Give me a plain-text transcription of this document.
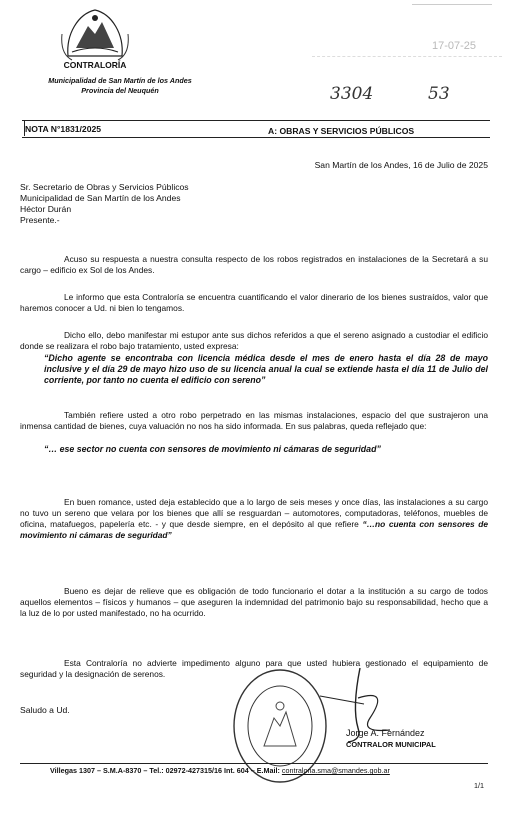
CONTRALORÍA
Municipalidad de San Martín de los Andes
Provincia del Neuquén
17-07-25
3304	53
NOTA N°1831/2025	A: OBRAS Y SERVICIOS PÚBLICOS
San Martín de los Andes, 16 de Julio de 2025
Sr. Secretario de Obras y Servicios Públicos
Municipalidad de San Martín de los Andes
Héctor Durán
Presente.-
Acuso su respuesta a nuestra consulta respecto de los robos registrados en instalaciones de la Secretará a su cargo – edificio ex Sol de los Andes.
Le informo que esta Contraloría se encuentra cuantificando el valor dinerario de los bienes sustraídos, valor que haremos conocer a Ud. ni bien lo tengamos.
Dicho ello, debo manifestar mi estupor ante sus dichos referidos a que el sereno asignado a custodiar el edificio donde se realizara el robo bajo tratamiento, usted expresa:
“Dicho agente se encontraba con licencia médica desde el mes de enero hasta el día 28 de mayo inclusive y el día 29 de mayo hizo uso de su licencia anual la cual se extiende hasta el día 11 de Julio del corriente, por tanto no cuenta el edificio con sereno”
También refiere usted a otro robo perpetrado en las mismas instalaciones, espacio del que sustrajeron una inmensa cantidad de bienes, cuya valuación no nos ha sido informada. En sus palabras, queda reflejado que:
“… ese sector no cuenta con sensores de movimiento ni cámaras de seguridad”
En buen romance, usted deja establecido que a lo largo de seis meses y once días, las instalaciones a su cargo no tuvo un sereno que velara por los bienes que allí se resguardan – automotores, computadoras, teléfonos, muebles de oficina, matafuegos, papelería etc. - y que desde siempre, en el depósito al que refiere “…no cuenta con sensores de movimiento ni cámaras de seguridad”
Bueno es dejar de relieve que es obligación de todo funcionario el dotar a la institución a su cargo de todos aquellos elementos – físicos y humanos – que aseguren la indemnidad del patrimonio bajo su responsabilidad, hecho que a la luz de lo por usted manifestado, no ha ocurrido.
Esta Contraloría no advierte impedimento alguno para que usted hubiera gestionado el equipamiento de seguridad y la designación de serenos.
Saludo a Ud.
Jorge A. Fernández
CONTRALOR MUNICIPAL
Villegas 1307 – S.M.A-8370 – Tel.: 02972-427315/16 Int. 604 – E.Mail: contraloria.sma@smandes.gob.ar
1/1
